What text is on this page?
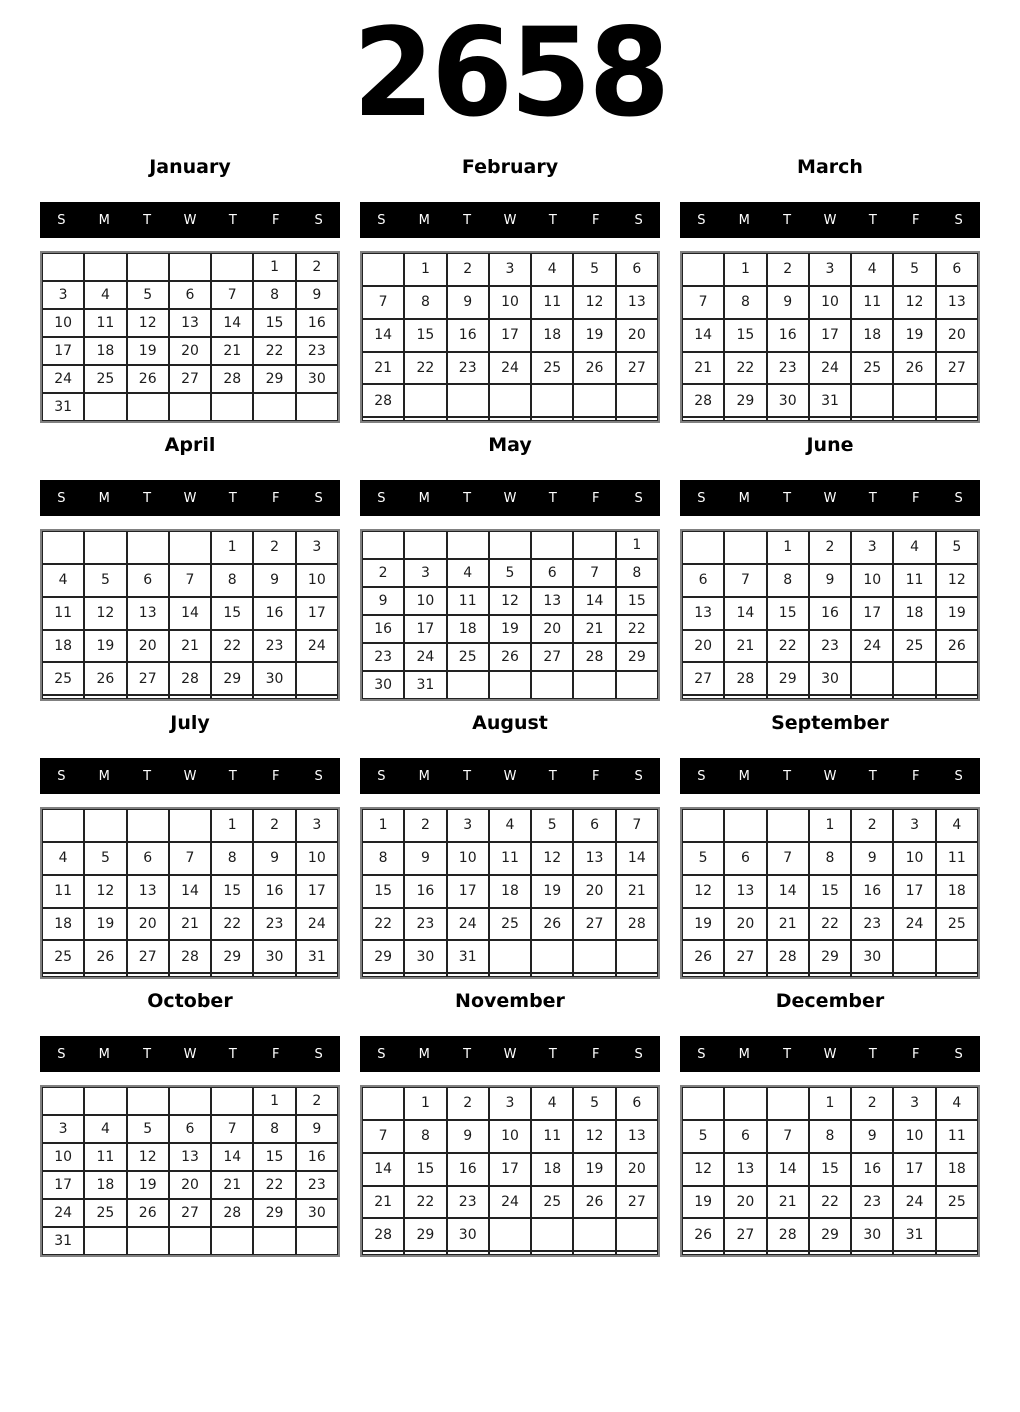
2658
January
S	M	T	W	T	F	S
					1	2
3	4	5	6	7	8	9
10	11	12	13	14	15	16
17	18	19	20	21	22	23
24	25	26	27	28	29	30
31						
February
S	M	T	W	T	F	S
	1	2	3	4	5	6
7	8	9	10	11	12	13
14	15	16	17	18	19	20
21	22	23	24	25	26	27
28						

March
S	M	T	W	T	F	S
	1	2	3	4	5	6
7	8	9	10	11	12	13
14	15	16	17	18	19	20
21	22	23	24	25	26	27
28	29	30	31			

April
S	M	T	W	T	F	S
				1	2	3
4	5	6	7	8	9	10
11	12	13	14	15	16	17
18	19	20	21	22	23	24
25	26	27	28	29	30	

May
S	M	T	W	T	F	S
						1
2	3	4	5	6	7	8
9	10	11	12	13	14	15
16	17	18	19	20	21	22
23	24	25	26	27	28	29
30	31					
June
S	M	T	W	T	F	S
		1	2	3	4	5
6	7	8	9	10	11	12
13	14	15	16	17	18	19
20	21	22	23	24	25	26
27	28	29	30			

July
S	M	T	W	T	F	S
				1	2	3
4	5	6	7	8	9	10
11	12	13	14	15	16	17
18	19	20	21	22	23	24
25	26	27	28	29	30	31

August
S	M	T	W	T	F	S
1	2	3	4	5	6	7
8	9	10	11	12	13	14
15	16	17	18	19	20	21
22	23	24	25	26	27	28
29	30	31				

September
S	M	T	W	T	F	S
			1	2	3	4
5	6	7	8	9	10	11
12	13	14	15	16	17	18
19	20	21	22	23	24	25
26	27	28	29	30		

October
S	M	T	W	T	F	S
					1	2
3	4	5	6	7	8	9
10	11	12	13	14	15	16
17	18	19	20	21	22	23
24	25	26	27	28	29	30
31						
November
S	M	T	W	T	F	S
	1	2	3	4	5	6
7	8	9	10	11	12	13
14	15	16	17	18	19	20
21	22	23	24	25	26	27
28	29	30				

December
S	M	T	W	T	F	S
			1	2	3	4
5	6	7	8	9	10	11
12	13	14	15	16	17	18
19	20	21	22	23	24	25
26	27	28	29	30	31	
